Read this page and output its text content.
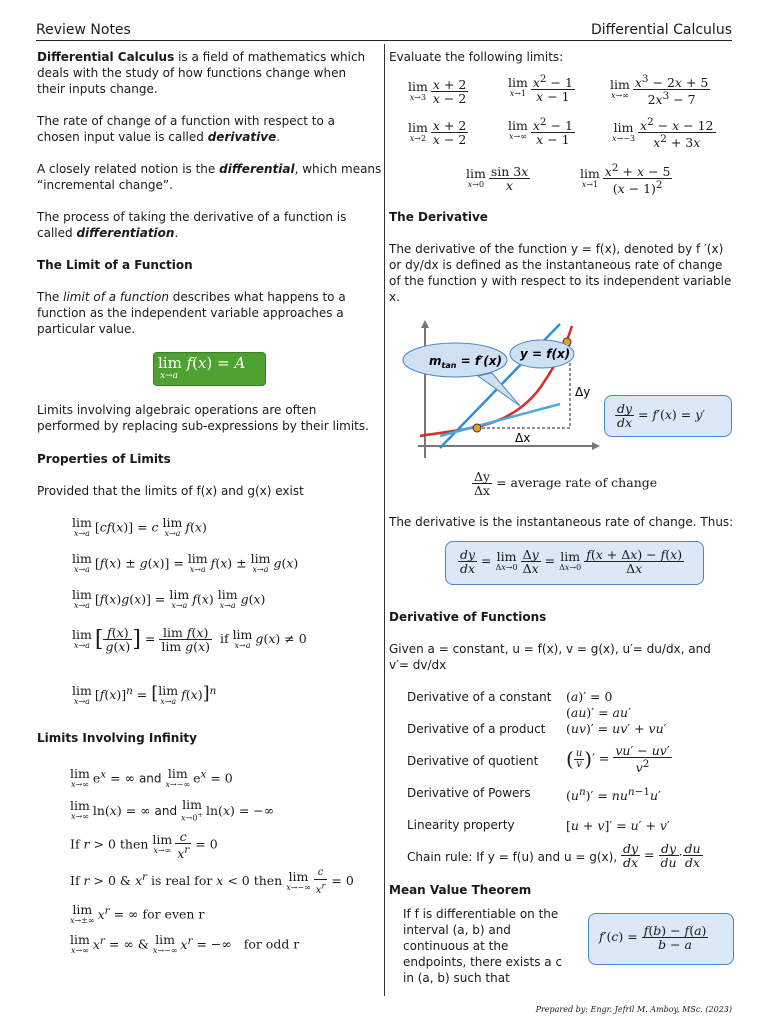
Review Notes	Differential Calculus
Differential Calculus is a field of mathematics which deals with the study of how functions change when their inputs change.
The rate of change of a function with respect to a chosen input value is called derivative.
A closely related notion is the differential, which means “incremental change”.
The process of taking the derivative of a function is called differentiation.
The Limit of a Function
The limit of a function describes what happens to a function as the independent variable approaches a particular value.
Limits involving algebraic operations are often performed by replacing sub-expressions by their limits.
Properties of Limits
Provided that the limits of f(x) and g(x) exist
Limits Involving Infinity
lim f(x) = A
x→a
lim
x→a [cf(x)] = c lim
x→a f(x)
lim
x→a [f(x) ± g(x)] = lim
x→a f(x) ± lim
x→a g(x)
lim
x→a [f(x)g(x)] = lim
x→a f(x) lim
x→a g(x)
lim
x→a [ $\frac{f(x)}{g(x)}$ ] = $\frac{\text{lim f(x)}}{\text{lim g(x)}}$ if lim
x→a g(x) ≠ 0
lim
x→a $[f(x)]^n$ = [ lim
x→a f(x)]$^n$
lim
x→∞ $e^x$ = ∞ and lim
x→−∞ $e^x = 0$
lim
x→∞ ln(x) = ∞ and lim
x→0+ ln(x) = −∞
If r > 0 then lim
$x\to\infty \frac{c}{x^r} = 0$
If r > 0 & $x^r$ is real for x < 0 then lim
$x\to-\infty \frac{c}{x^r} = 0$
lim
x→±∞ $x^r$ = ∞ for even r
lim
x→∞ $x^r$ = ∞ & lim
x→−∞ $x^r$ = −∞   for odd r
Evaluate the following limits:
The Derivative
The derivative of the function y = f(x), denoted by f ′(x) or dy/dx is defined as the instantaneous rate of change of the function y with respect to its independent variable x.
The derivative is the instantaneous rate of change. Thus:
Derivative of Functions
Given a = constant, u = f(x), v = g(x), u′= du/dx, and v′= dv/dx
Mean Value Theorem
If f is differentiable on the interval (a, b) and continuous at the endpoints, there exists a c in (a, b) such that
lim
$x\to 3 \frac{x + 2}{x - 2}$	lim
$x\to 1 \frac{x^2 - 1}{x - 1}$	lim
$x\to\infty \frac{x^3 - 2x + 5}{2x^3 - 7}$
lim
$x\to 2 \frac{x + 2}{x - 2}$	lim
$x\to\infty \frac{x^2 - 1}{x - 1}$	lim
$x\to-3 \frac{x^2 - x - 12}{x^2 + 3x}$
lim
$x\to 0 \frac{\sin 3x}{x}$	lim
$x\to 1 \frac{x^2 + x - 5}{(x - 1)^2}$
$m_{tan} = f'(x) y = f(x)$
Δy
Δx
$\frac{dy}{dx} = f'(x) = y'$
$\frac{\Delta y}{\Delta x}$ = average rate of change
$\frac{dy}{dx} = \lim$
$\Delta x\to 0 \frac{\Delta y}{\Delta x} = \lim$
$\Delta x\to 0 \frac{f(x + \Delta x) - f(x)}{\Delta x}$
Derivative of a constant (a)′ = 0
(au)′ = au′
Derivative of a product (uv)′ = uv′ + vu′
Derivative of quotient ( $\frac{u}{v}$ )′ = $\frac{vu' - uv'}{v^2}$
Derivative of Powers	$(u^n)' = nu^{n-1}u'$
Linearity property	[u + v]′ = u′ + v′
Chain rule: If y = f(u) and u = g(x), $\frac{dy}{dx} = \frac{dy}{du} \cdot \frac{du}{dx}$
$f'(c) = \frac{f(b) - f(a)}{b - a}$
Prepared by: Engr. Jefril M. Amboy, MSc. (2023)
